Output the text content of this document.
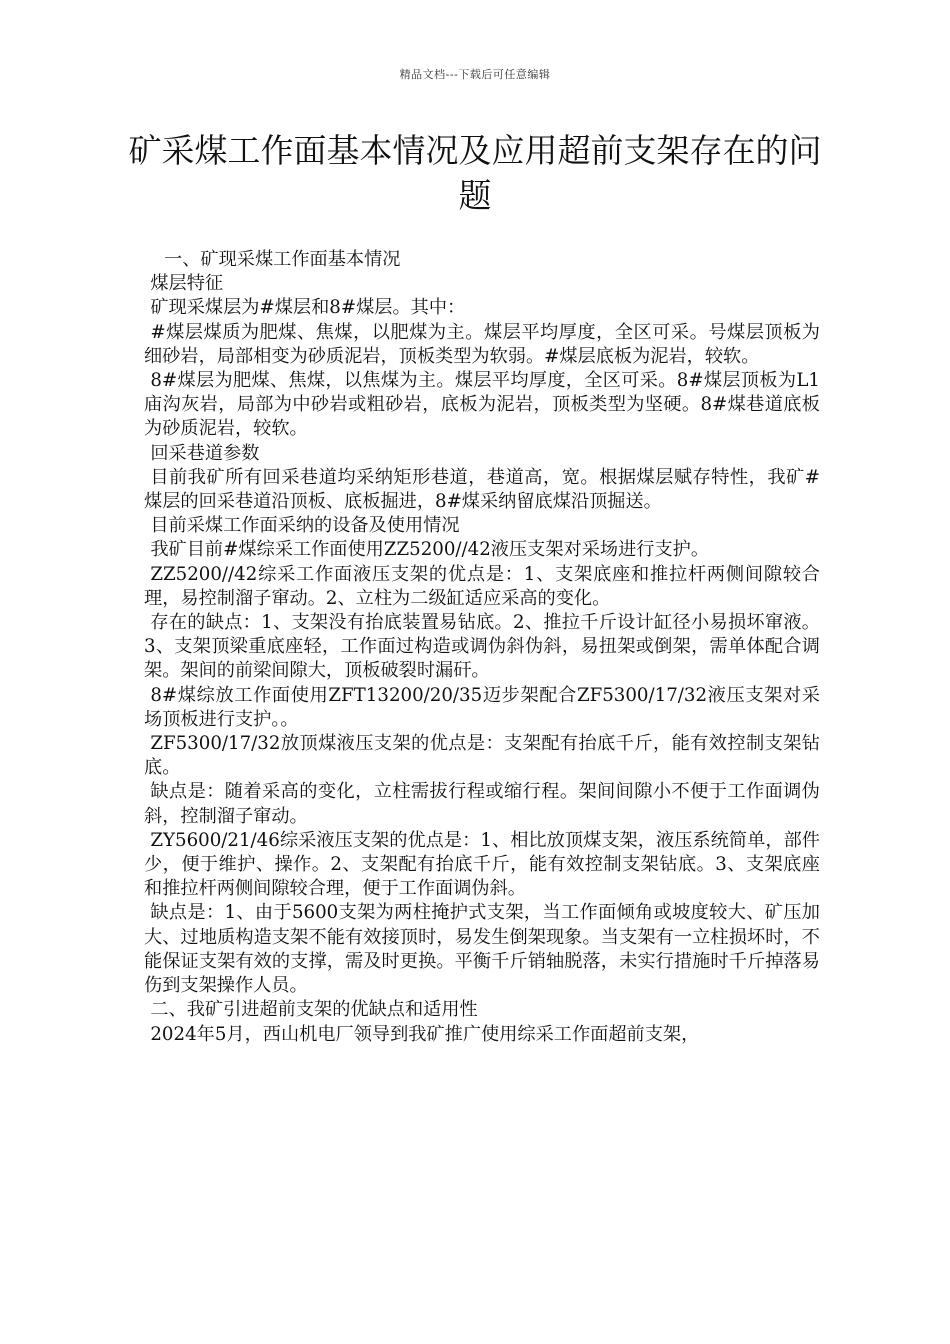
精品文档---下载后可任意编辑
矿采煤工作面基本情况及应用超前支架存在的问题

一、矿现采煤工作面基本情况

煤层特征

矿现采煤层为#煤层和8#煤层。其中：

#煤层煤质为肥煤、焦煤，以肥煤为主。煤层平均厚度，全区可采。号煤层顶板为细砂岩，局部相变为砂质泥岩，顶板类型为软弱。#煤层底板为泥岩，较软。

8#煤层为肥煤、焦煤，以焦煤为主。煤层平均厚度，全区可采。8#煤层顶板为L1庙沟灰岩，局部为中砂岩或粗砂岩，底板为泥岩，顶板类型为坚硬。8#煤巷道底板为砂质泥岩，较软。

回采巷道参数

目前我矿所有回采巷道均采纳矩形巷道，巷道高，宽。根据煤层赋存特性，我矿#煤层的回采巷道沿顶板、底板掘进，8#煤采纳留底煤沿顶掘送。

目前采煤工作面采纳的设备及使用情况

我矿目前#煤综采工作面使用ZZ5200//42液压支架对采场进行支护。

ZZ5200//42综采工作面液压支架的优点是：1、支架底座和推拉杆两侧间隙较合理，易控制溜子窜动。2、立柱为二级缸适应采高的变化。

存在的缺点：1、支架没有抬底装置易钻底。2、推拉千斤设计缸径小易损坏窜液。3、支架顶梁重底座轻，工作面过构造或调伪斜伪斜，易扭架或倒架，需单体配合调架。架间的前梁间隙大，顶板破裂时漏矸。

8#煤综放工作面使用ZFT13200/20/35迈步架配合ZF5300/17/32液压支架对采场顶板进行支护。。

ZF5300/17/32放顶煤液压支架的优点是：支架配有抬底千斤，能有效控制支架钻底。

缺点是：随着采高的变化，立柱需拔行程或缩行程。架间间隙小不便于工作面调伪斜，控制溜子窜动。

ZY5600/21/46综采液压支架的优点是：1、相比放顶煤支架，液压系统简单，部件少，便于维护、操作。2、支架配有抬底千斤，能有效控制支架钻底。3、支架底座和推拉杆两侧间隙较合理，便于工作面调伪斜。

缺点是：1、由于5600支架为两柱掩护式支架，当工作面倾角或坡度较大、矿压加大、过地质构造支架不能有效接顶时，易发生倒架现象。当支架有一立柱损坏时，不能保证支架有效的支撑，需及时更换。平衡千斤销轴脱落，未实行措施时千斤掉落易伤到支架操作人员。

二、我矿引进超前支架的优缺点和适用性

2024年5月，西山机电厂领导到我矿推广使用综采工作面超前支架，
